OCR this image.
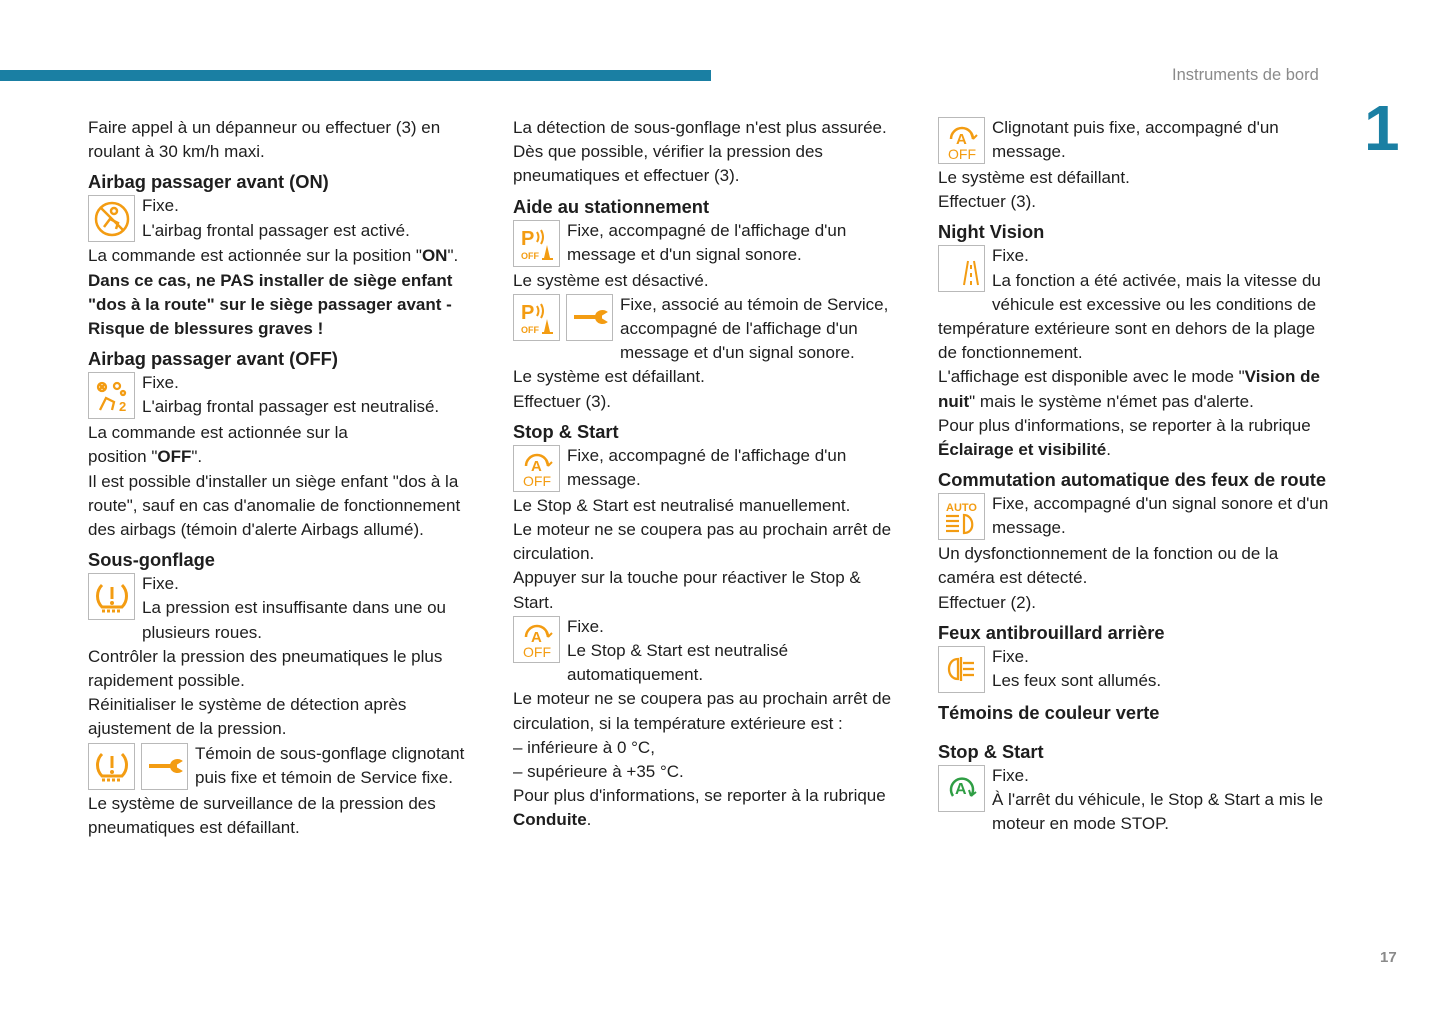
Instruments de bord
1
17

Faire appel à un dépanneur ou effectuer (3) en roulant à 30 km/h maxi.

Airbag passager avant (ON)

Fixe.

L'airbag frontal passager est activé.

La commande est actionnée sur la position "ON".

Dans ce cas, ne PAS installer de siège enfant "dos à la route" sur le siège passager avant - Risque de blessures graves !

Airbag passager avant (OFF)
2

Fixe.

L'airbag frontal passager est neutralisé.

La commande est actionnée sur la

position "OFF".

Il est possible d'installer un siège enfant "dos à la route", sauf en cas d'anomalie de fonctionnement des airbags (témoin d'alerte Airbags allumé).

Sous-gonflage

Fixe.

La pression est insuffisante dans une ou plusieurs roues.

Contrôler la pression des pneumatiques le plus rapidement possible.

Réinitialiser le système de détection après ajustement de la pression.

Témoin de sous-gonflage clignotant puis fixe et témoin de Service fixe.

Le système de surveillance de la pression des pneumatiques est défaillant.

La détection de sous-gonflage n'est plus assurée.

Dès que possible, vérifier la pression des pneumatiques et effectuer (3).

Aide au stationnement
P
OFF

Fixe, accompagné de l'affichage d'un message et d'un signal sonore.

Le système est désactivé.

P
OFF

Fixe, associé au témoin de Service, accompagné de l'affichage d'un message et d'un signal sonore.

Le système est défaillant.

Effectuer (3).

Stop & Start
A
OFF

Fixe, accompagné de l'affichage d'un message.

Le Stop & Start est neutralisé manuellement.

Le moteur ne se coupera pas au prochain arrêt de circulation.

Appuyer sur la touche pour réactiver le Stop & Start.

A
OFF

Fixe.

Le Stop & Start est neutralisé automatiquement.

Le moteur ne se coupera pas au prochain arrêt de circulation, si la température extérieure est :

– inférieure à 0 °C,

– supérieure à +35 °C.

Pour plus d'informations, se reporter à la rubrique Conduite.

A
OFF

Clignotant puis fixe, accompagné d'un message.

Le système est défaillant.

Effectuer (3).

Night Vision

Fixe.

La fonction a été activée, mais la vitesse du véhicule est excessive ou les conditions de température extérieure sont en dehors de la plage de fonctionnement.

L'affichage est disponible avec le mode "Vision de nuit" mais le système n'émet pas d'alerte.

Pour plus d'informations, se reporter à la rubrique Éclairage et visibilité.

Commutation automatique des feux de route
AUTO Fixe, accompagné d'un signal sonore et d'un message.

Un dysfonctionnement de la fonction ou de la caméra est détecté.

Effectuer (2).

Feux antibrouillard arrière

Fixe.

Les feux sont allumés.

Témoins de couleur verte
Stop & Start
A

Fixe.

À l'arrêt du véhicule, le Stop & Start a mis le moteur en mode STOP.
